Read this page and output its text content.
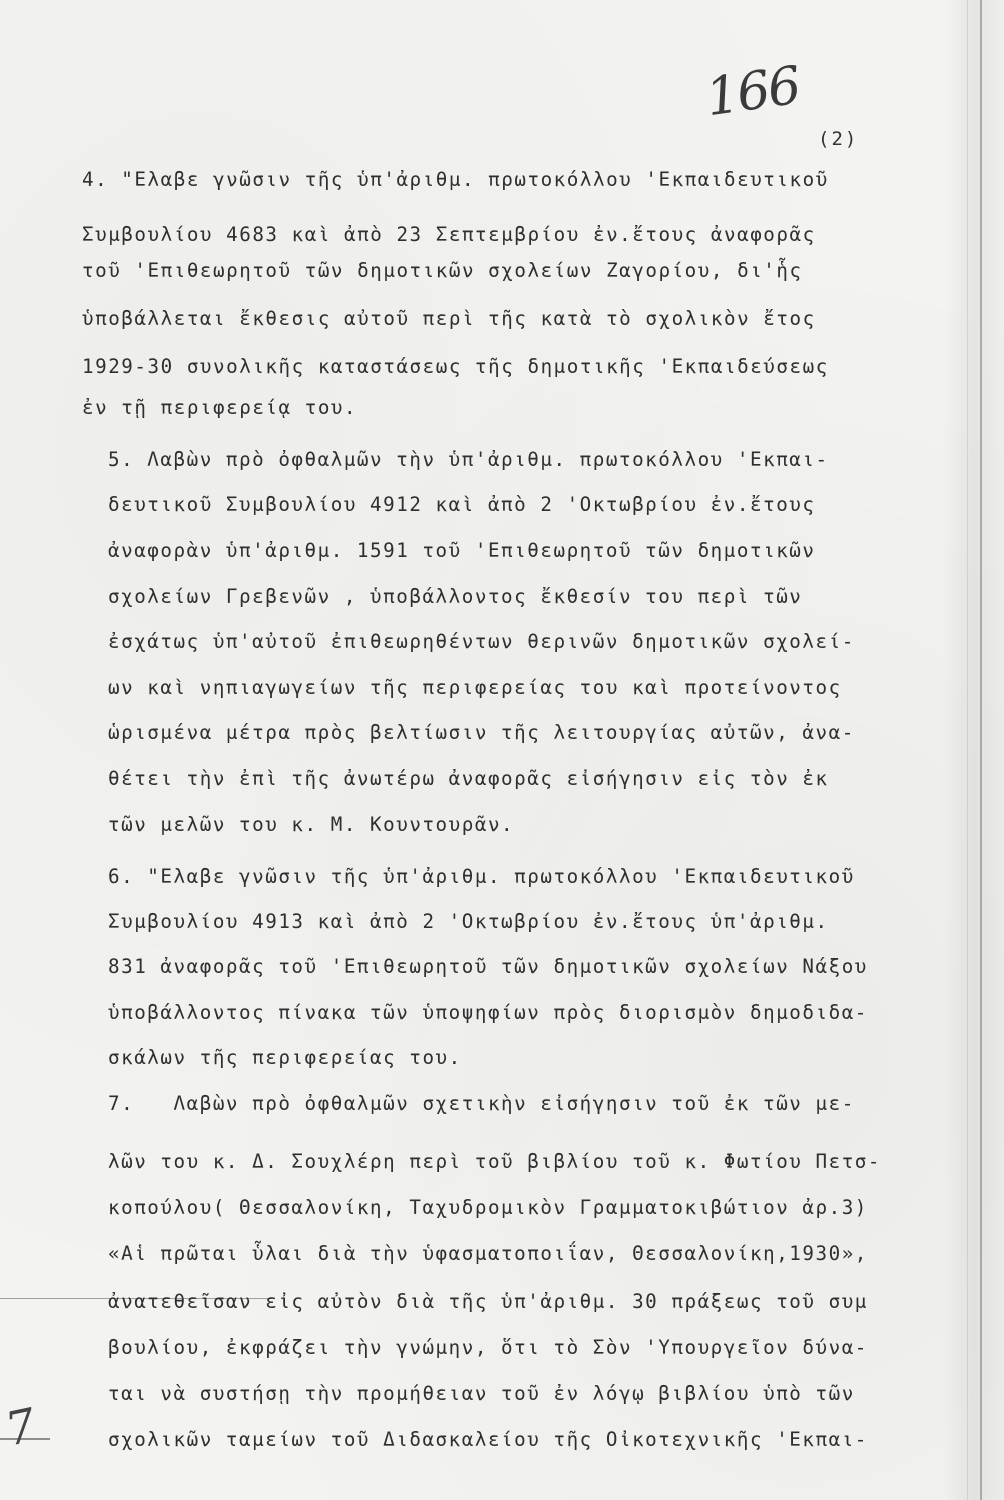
166
(2)
4. "Ελαβε γνῶσιν τῆς ὑπ'ἀριθμ. πρωτοκόλλου 'Εκπαιδευτικοῦ
Συμβουλίου 4683 καὶ ἀπὸ 23 Σεπτεμβρίου ἐν.ἔτους ἀναφορᾶς
τοῦ 'Επιθεωρητοῦ τῶν δημοτικῶν σχολείων Ζαγορίου, δι'ἧς
ὑποβάλλεται ἔκθεσις αὐτοῦ περὶ τῆς κατὰ τὸ σχολικὸν ἔτος
1929-30 συνολικῆς καταστάσεως τῆς δημοτικῆς 'Εκπαιδεύσεως
ἐν τῇ περιφερείᾳ του.
5. Λαβὼν πρὸ ὀφθαλμῶν τὴν ὑπ'ἀριθμ. πρωτοκόλλου 'Εκπαι-
δευτικοῦ Συμβουλίου 4912 καὶ ἀπὸ 2 'Οκτωβρίου ἐν.ἔτους
ἀναφορὰν ὑπ'ἀριθμ. 1591 τοῦ 'Επιθεωρητοῦ τῶν δημοτικῶν
σχολείων Γρεβενῶν , ὑποβάλλοντος ἔκθεσίν του περὶ τῶν
ἐσχάτως ὑπ'αὐτοῦ ἐπιθεωρηθέντων θερινῶν δημοτικῶν σχολεί-
ων καὶ νηπιαγωγείων τῆς περιφερείας του καὶ προτείνοντος
ὡρισμένα μέτρα πρὸς βελτίωσιν τῆς λειτουργίας αὐτῶν, ἀνα-
θέτει τὴν ἐπὶ τῆς ἀνωτέρω ἀναφορᾶς εἰσήγησιν εἰς τὸν ἐκ
τῶν μελῶν του κ. Μ. Κουντουρᾶν.
6. "Ελαβε γνῶσιν τῆς ὑπ'ἀριθμ. πρωτοκόλλου 'Εκπαιδευτικοῦ
Συμβουλίου 4913 καὶ ἀπὸ 2 'Οκτωβρίου ἐν.ἔτους ὑπ'ἀριθμ.
831 ἀναφορᾶς τοῦ 'Επιθεωρητοῦ τῶν δημοτικῶν σχολείων Νάξου
ὑποβάλλοντος πίνακα τῶν ὑποψηφίων πρὸς διορισμὸν δημοδιδα-
σκάλων τῆς περιφερείας του.
7.   Λαβὼν πρὸ ὀφθαλμῶν σχετικὴν εἰσήγησιν τοῦ ἐκ τῶν με-
λῶν του κ. Δ. Σουχλέρη περὶ τοῦ βιβλίου τοῦ κ. Φωτίου Πετσ-
κοπούλου( Θεσσαλονίκη, Ταχυδρομικὸν Γραμματοκιβώτιον ἀρ.3)
«Αἱ πρῶται ὗλαι διὰ τὴν ὑφασματοποιΐαν, Θεσσαλονίκη,1930»,
ἀνατεθεῖσαν εἰς αὐτὸν διὰ τῆς ὑπ'ἀριθμ. 30 πράξεως τοῦ συμ
βουλίου, ἐκφράζει τὴν γνώμην, ὅτι τὸ Σὸν 'Υπουργεῖον δύνα-
ται νὰ συστήσῃ τὴν προμήθειαν τοῦ ἐν λόγῳ βιβλίου ὑπὸ τῶν
σχολικῶν ταμείων τοῦ Διδασκαλείου τῆς Οἰκοτεχνικῆς 'Εκπαι-
7
